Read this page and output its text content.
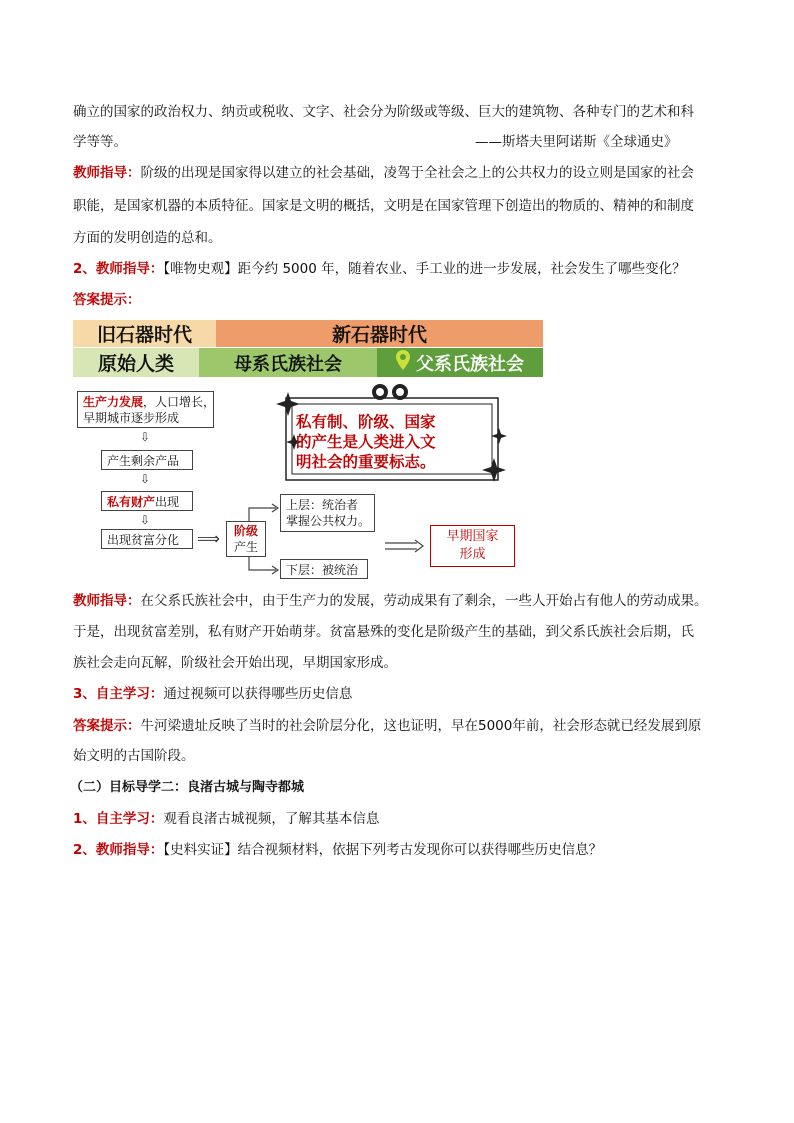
确立的国家的政治权力、纳贡或税收、文字、社会分为阶级或等级、巨大的建筑物、各种专门的艺术和科
学等等。	——斯塔夫里阿诺斯《全球通史》
教师指导：阶级的出现是国家得以建立的社会基础，凌驾于全社会之上的公共权力的设立则是国家的社会
职能，是国家机器的本质特征。国家是文明的概括，文明是在国家管理下创造出的物质的、精神的和制度
方面的发明创造的总和。
2、教师指导：【唯物史观】距今约 5000 年，随着农业、手工业的进一步发展，社会发生了哪些变化？
答案提示：
旧石器时代	新石器时代
原始人类	母系氏族社会	父系氏族社会
生产力发展，人口增长，
早期城市逐步形成
⇩
产生剩余产品
⇩
私有财产出现
⇩
出现贫富分化	⟹	阶级
产生
上层：统治者
掌握公共权力。
下层：被统治
早期国家
形成
私有制、阶级、国家
的产生是人类进入文
明社会的重要标志。
教师指导：在父系氏族社会中，由于生产力的发展，劳动成果有了剩余，一些人开始占有他人的劳动成果。
于是，出现贫富差别，私有财产开始萌芽。贫富悬殊的变化是阶级产生的基础，到父系氏族社会后期，氏
族社会走向瓦解，阶级社会开始出现，早期国家形成。
3、自主学习：通过视频可以获得哪些历史信息
答案提示：牛河梁遗址反映了当时的社会阶层分化，这也证明，早在5000年前，社会形态就已经发展到原
始文明的古国阶段。
（二）目标导学二：良渚古城与陶寺都城
1、自主学习：观看良渚古城视频，了解其基本信息
2、教师指导：【史料实证】结合视频材料，依据下列考古发现你可以获得哪些历史信息？
